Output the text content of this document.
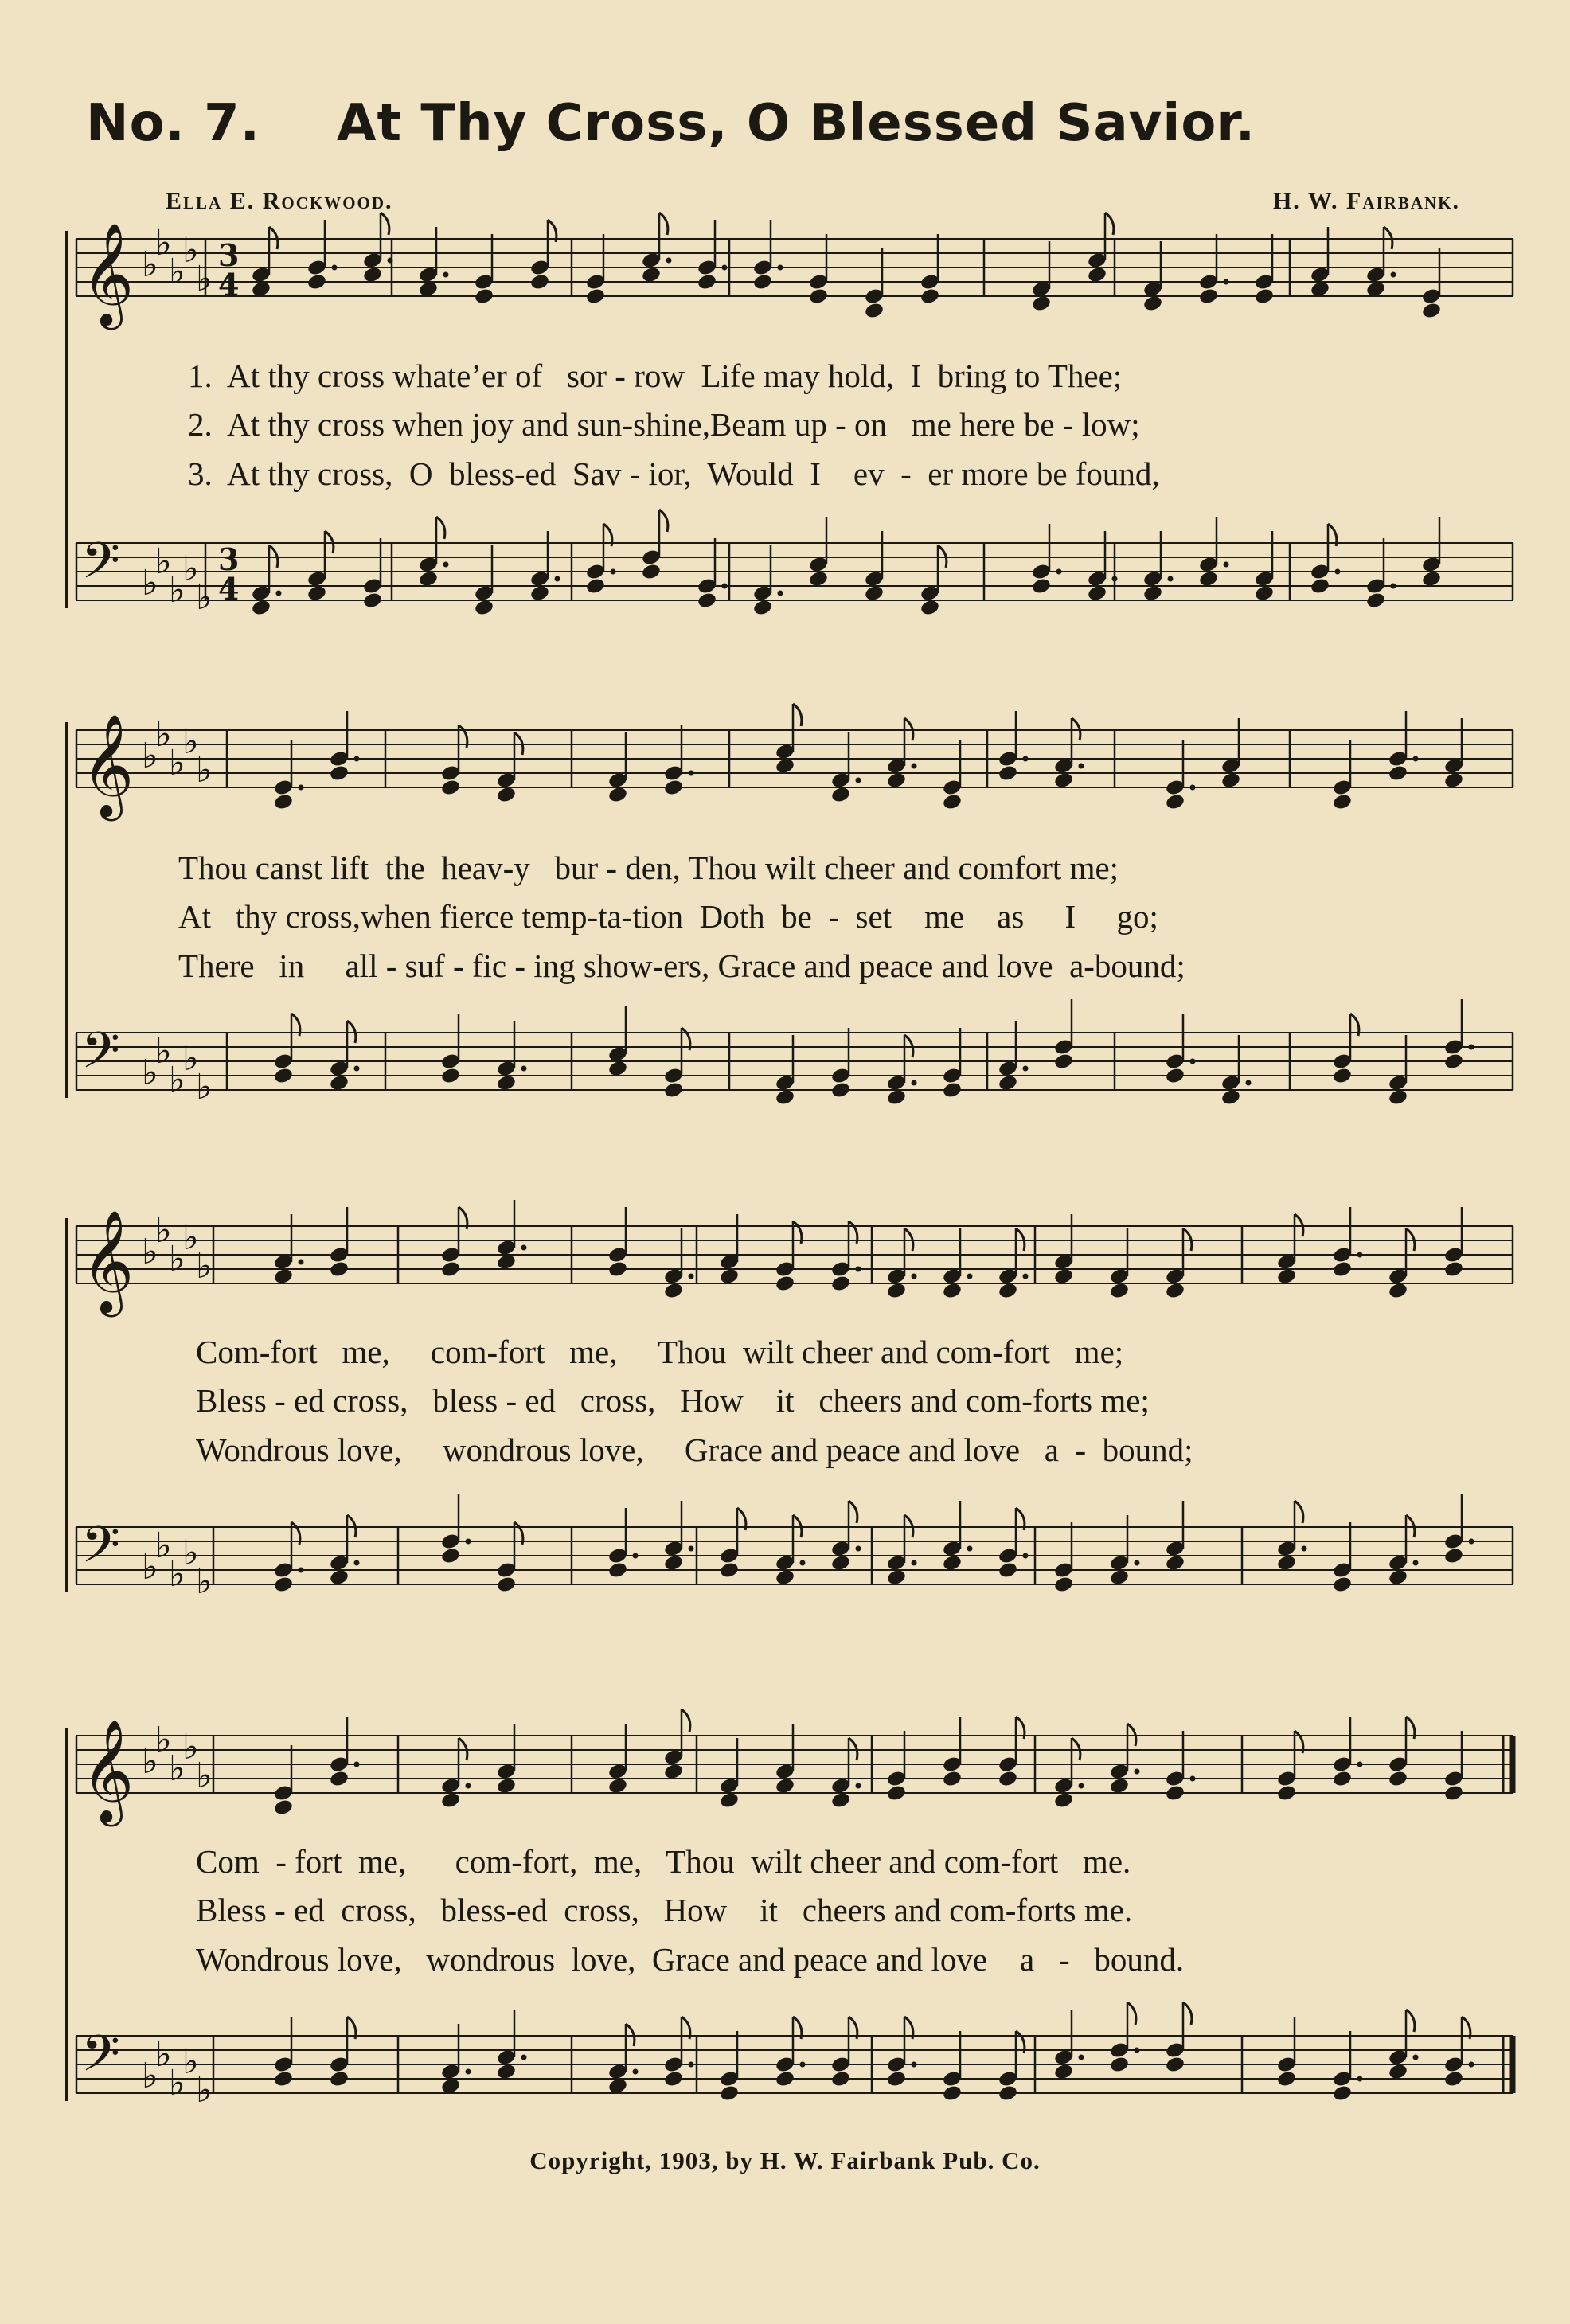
No. 7. At Thy Cross, O Blessed Savior.
Ella E. Rockwood.	H. W. Fairbank.
𝄞 ♭
♭
♭
♭
♭
3
4
𝄢 ♭
♭
♭
♭
♭
3
4
𝄞 ♭
♭
♭
♭
♭
𝄢 ♭
♭
♭
♭
♭
𝄞 ♭
♭
♭
♭
♭
𝄢 ♭
♭
♭
♭
♭
𝄞 ♭
♭
♭
♭
♭
𝄢 ♭
♭
♭
♭
♭
1.  At thy cross whate’er of   sor - row  Life may hold,  I  bring to Thee;
2.  At thy cross when joy and sun-shine,Beam up - on   me here be - low;
3.  At thy cross,  O  bless-ed  Sav - ior,  Would  I    ev  -  er more be found,
Thou canst lift  the  heav-y   bur - den, Thou wilt cheer and comfort me;
At   thy cross,when fierce temp-ta-tion  Doth  be  -  set    me    as     I     go;
There   in     all - suf - fic - ing show-ers, Grace and peace and love  a-bound;
Com-fort   me,     com-fort   me,     Thou  wilt cheer and com-fort   me;
Bless - ed cross,   bless - ed   cross,   How    it   cheers and com-forts me;
Wondrous love,     wondrous love,     Grace and peace and love   a  -  bound;
Com  - fort  me,      com-fort,  me,   Thou  wilt cheer and com-fort   me.
Bless - ed  cross,   bless-ed  cross,   How    it   cheers and com-forts me.
Wondrous love,   wondrous  love,  Grace and peace and love    a   -   bound.
Copyright, 1903, by H. W. Fairbank Pub. Co.
